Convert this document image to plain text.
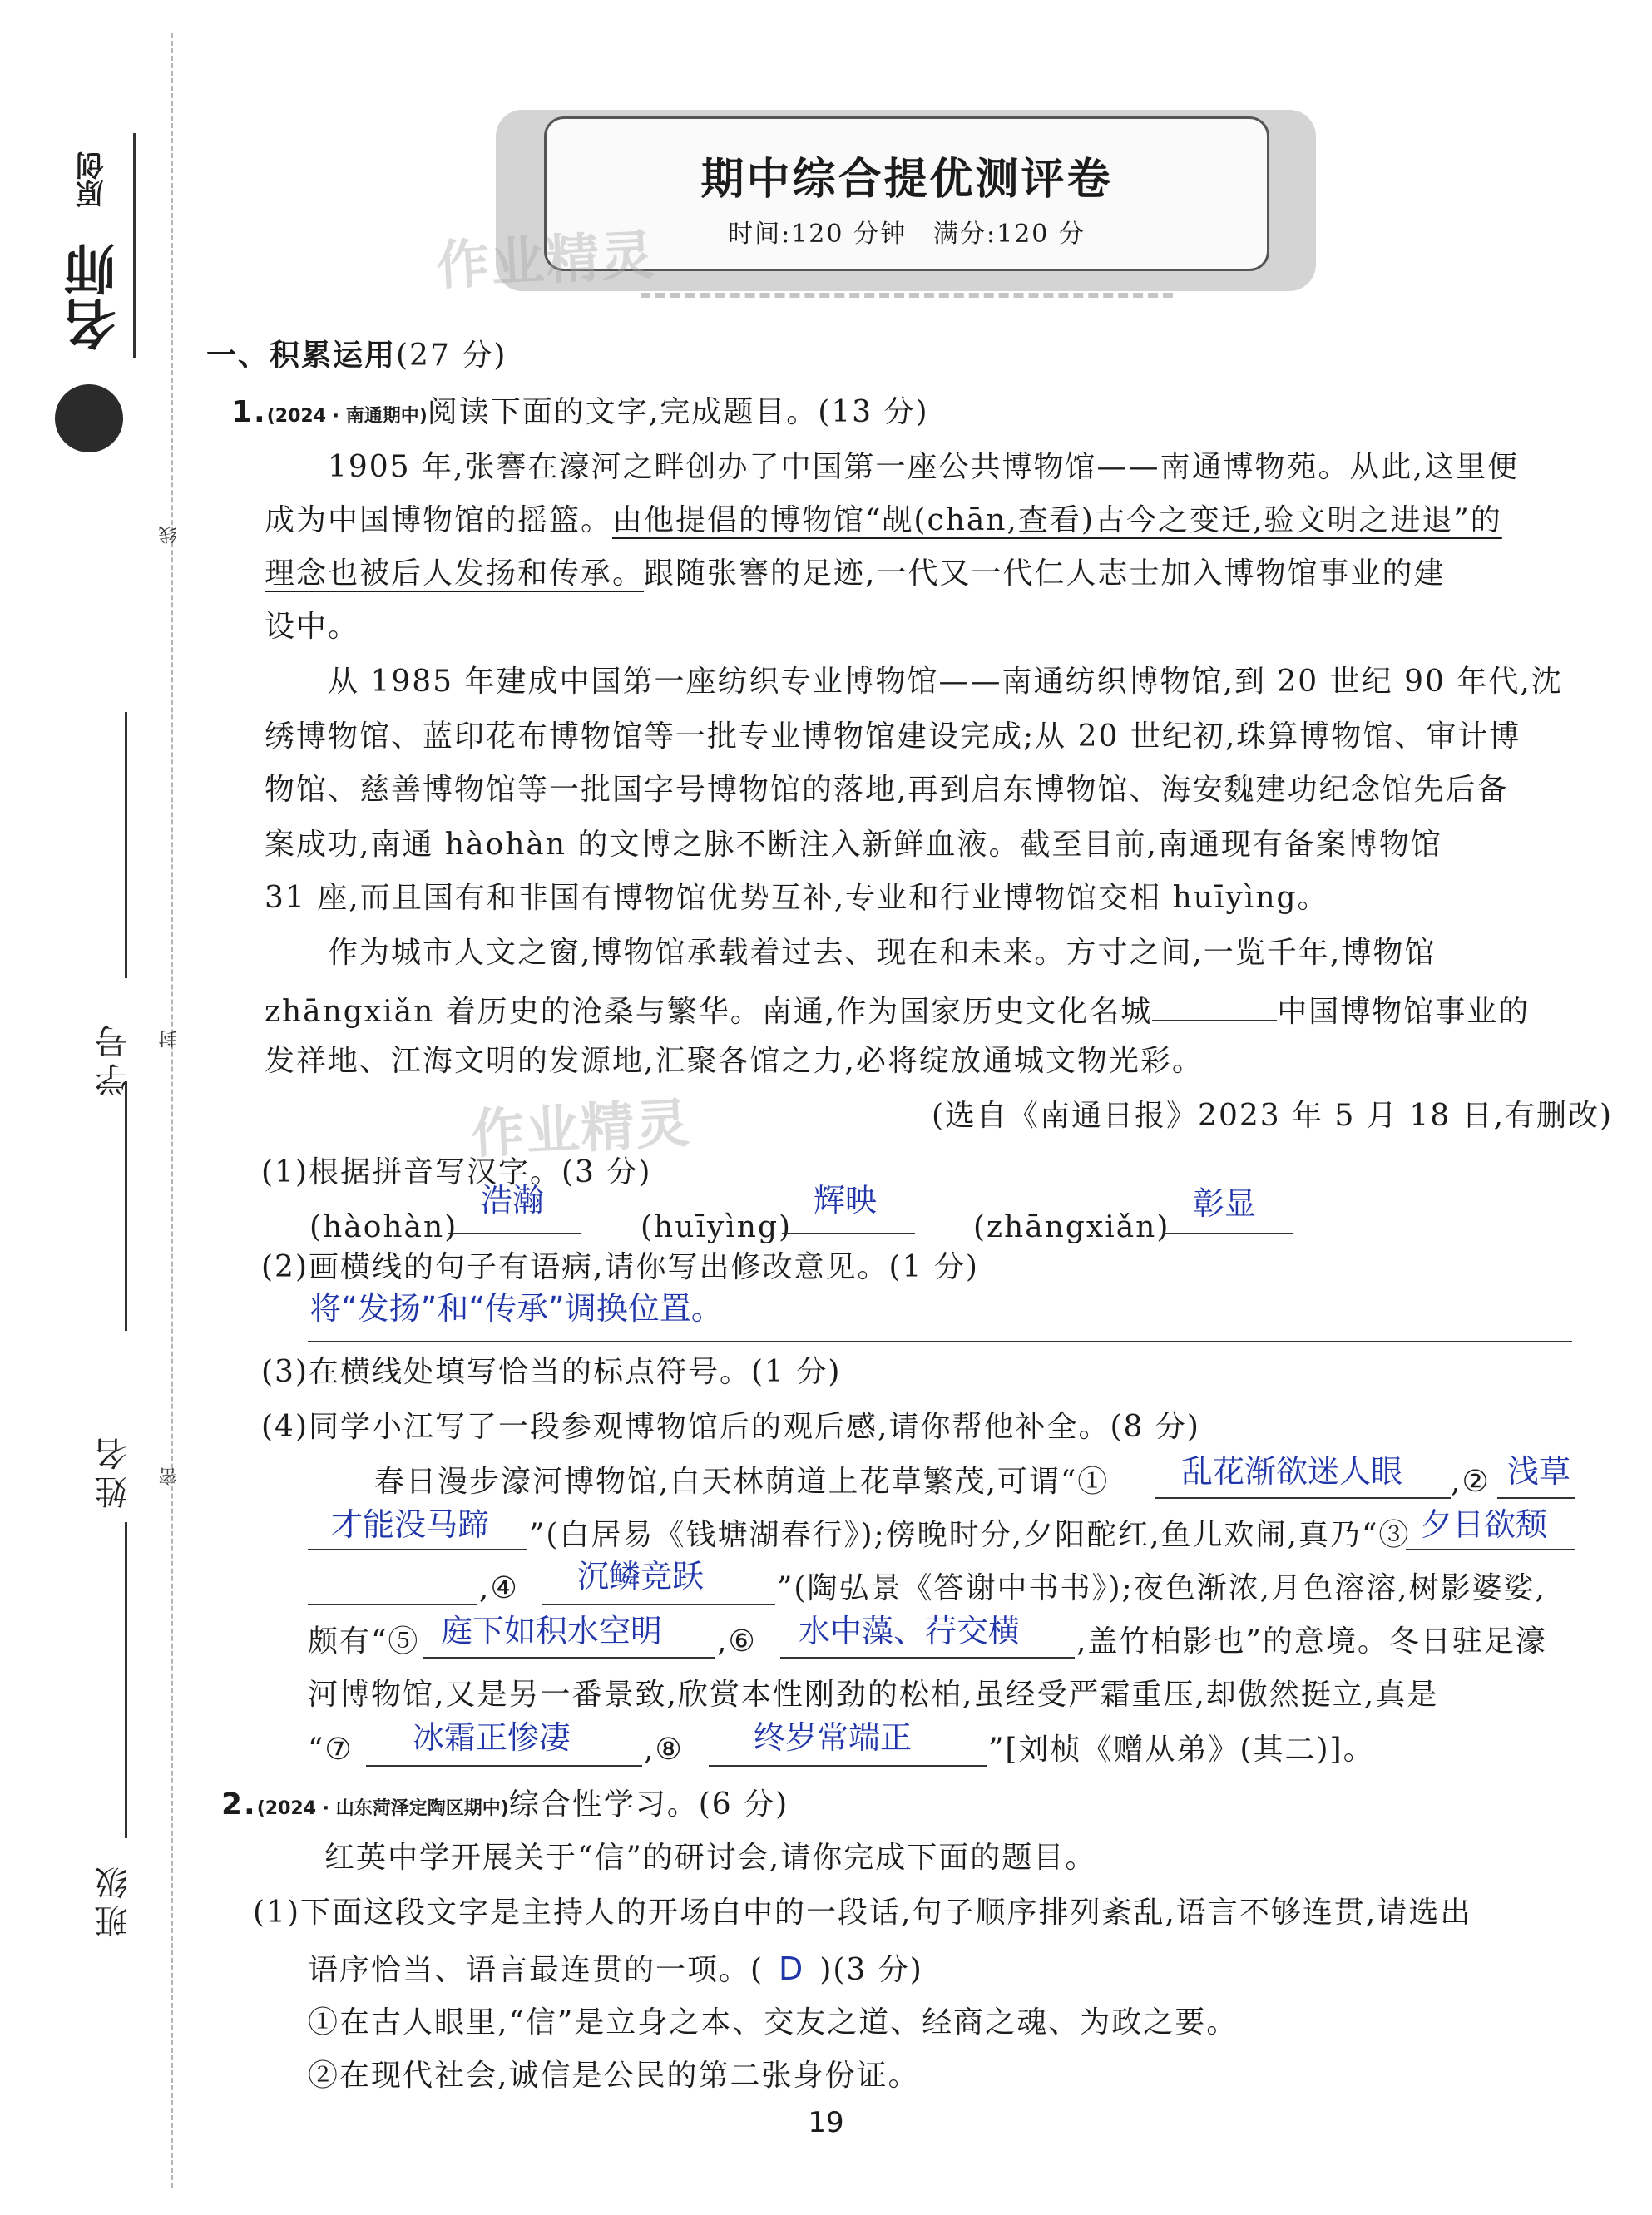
原创
名师
线
封
密
学号
姓名
班级
期中综合提优测评卷
时间:120 分钟　满分:120 分
作业精灵
作业精灵
一、积累运用(27 分)
1.(2024 · 南通期中)阅读下面的文字,完成题目。(13 分)
1905 年,张謇在濠河之畔创办了中国第一座公共博物馆——南通博物苑。从此,这里便
成为中国博物馆的摇篮。由他提倡的博物馆“觇(chān,查看)古今之变迁,验文明之进退”的
理念也被后人发扬和传承。跟随张謇的足迹,一代又一代仁人志士加入博物馆事业的建
设中。
从 1985 年建成中国第一座纺织专业博物馆——南通纺织博物馆,到 20 世纪 90 年代,沈
绣博物馆、蓝印花布博物馆等一批专业博物馆建设完成;从 20 世纪初,珠算博物馆、审计博
物馆、慈善博物馆等一批国字号博物馆的落地,再到启东博物馆、海安魏建功纪念馆先后备
案成功,南通 hàohàn 的文博之脉不断注入新鲜血液。截至目前,南通现有备案博物馆
31 座,而且国有和非国有博物馆优势互补,专业和行业博物馆交相 huīyìng。
作为城市人文之窗,博物馆承载着过去、现在和未来。方寸之间,一览千年,博物馆
zhāngxiǎn 着历史的沧桑与繁华。南通,作为国家历史文化名城	中国博物馆事业的
发祥地、江海文明的发源地,汇聚各馆之力,必将绽放通城文物光彩。
(选自《南通日报》2023 年 5 月 18 日,有删改)
(1)根据拼音写汉字。(3 分)
(hàohàn)
浩瀚
(huīyìng)
辉映
(zhāngxiǎn)
彰显
(2)画横线的句子有语病,请你写出修改意见。(1 分)
将“发扬”和“传承”调换位置。
(3)在横线处填写恰当的标点符号。(1 分)
(4)同学小江写了一段参观博物馆后的观后感,请你帮他补全。(8 分)
春日漫步濠河博物馆,白天林荫道上花草繁茂,可谓“① 乱花渐欲迷人眼 ,② 浅草
才能没马蹄 ”(白居易《钱塘湖春行》);傍晚时分,夕阳酡红,鱼儿欢闹,真乃“③ 夕日欲颓
,④ 沉鳞竞跃 ”(陶弘景《答谢中书书》);夜色渐浓,月色溶溶,树影婆娑,
颇有“⑤ 庭下如积水空明 ,⑥ 水中藻、荇交横 ,盖竹柏影也”的意境。冬日驻足濠
河博物馆,又是另一番景致,欣赏本性刚劲的松柏,虽经受严霜重压,却傲然挺立,真是
“⑦ 冰霜正惨凄 ,⑧ 终岁常端正	”[刘桢《赠从弟》(其二)]。
2.(2024 · 山东菏泽定陶区期中)综合性学习。(6 分)
红英中学开展关于“信”的研讨会,请你完成下面的题目。
(1)下面这段文字是主持人的开场白中的一段话,句子顺序排列紊乱,语言不够连贯,请选出
语序恰当、语言最连贯的一项。( D )(3 分)
①在古人眼里,“信”是立身之本、交友之道、经商之魂、为政之要。
②在现代社会,诚信是公民的第二张身份证。
19
